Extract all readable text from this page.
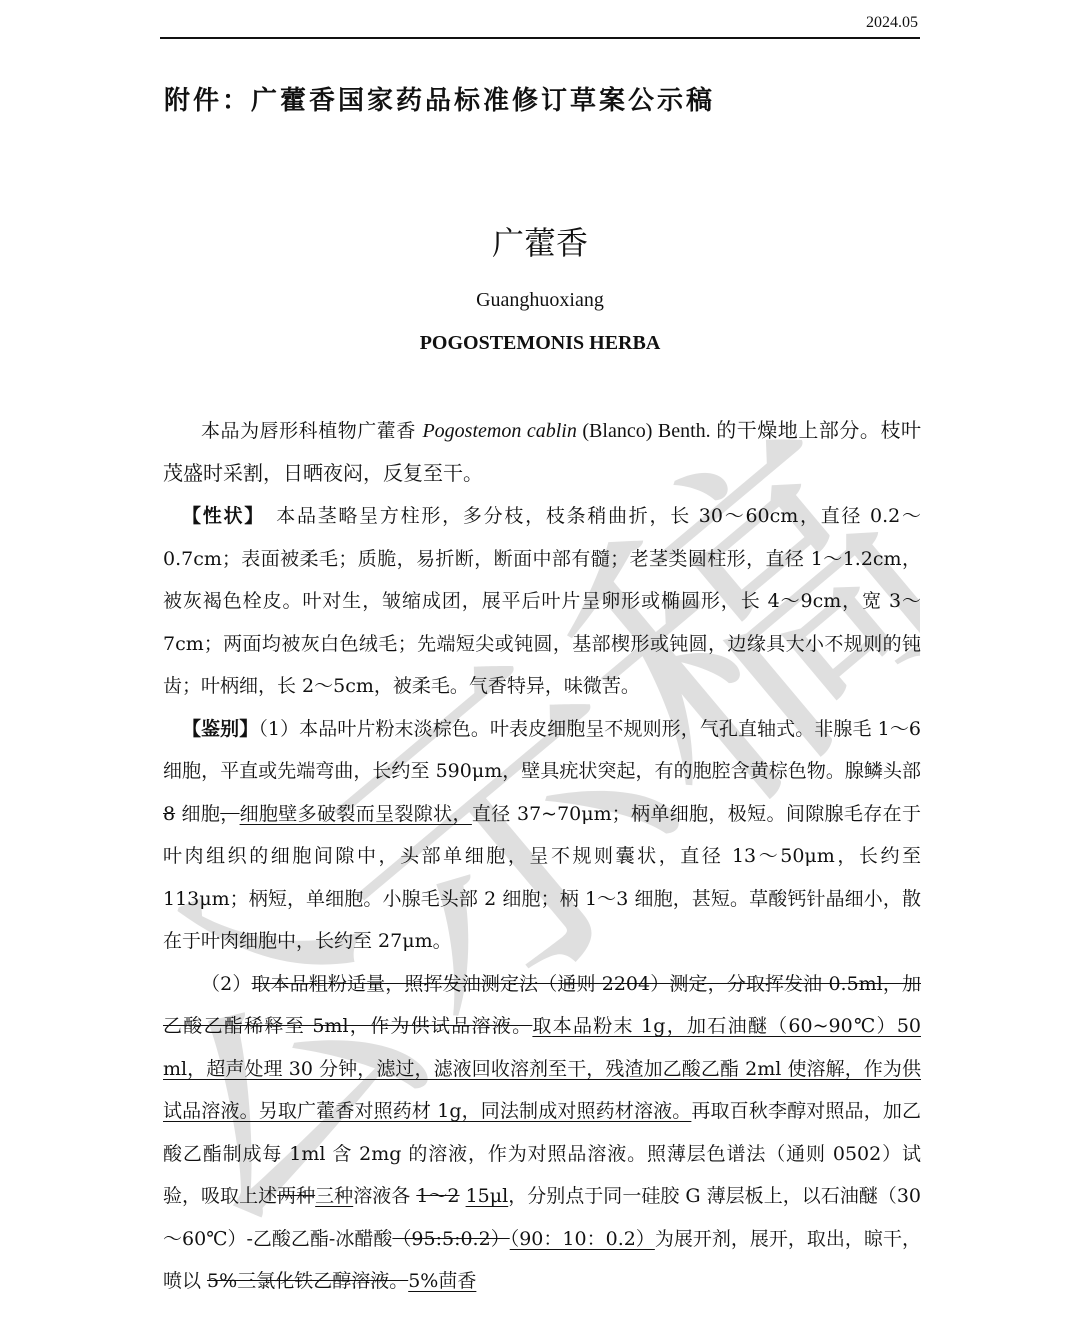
公示稿
2024.05
附件：广藿香国家药品标准修订草案公示稿
广藿香
Guanghuoxiang
POGOSTEMONIS HERBA

本品为唇形科植物广藿香 Pogostemon cablin (Blanco) Benth. 的干燥地上部分。枝叶茂盛时采割，日晒夜闷，反复至干。

【性状】　本品茎略呈方柱形，多分枝，枝条稍曲折，长 30～60cm，直径 0.2～0.7cm；表面被柔毛；质脆，易折断，断面中部有髓；老茎类圆柱形，直径 1～1.2cm，被灰褐色栓皮。叶对生，皱缩成团，展平后叶片呈卵形或椭圆形，长 4～9cm，宽 3～7cm；两面均被灰白色绒毛；先端短尖或钝圆，基部楔形或钝圆，边缘具大小不规则的钝齿；叶柄细，长 2～5cm，被柔毛。气香特异，味微苦。

【鉴别】（1）本品叶片粉末淡棕色。叶表皮细胞呈不规则形，气孔直轴式。非腺毛 1～6 细胞，平直或先端弯曲，长约至 590μm，壁具疣状突起，有的胞腔含黄棕色物。腺鳞头部 8 细胞，细胞壁多破裂而呈裂隙状，直径 37~70μm；柄单细胞，极短。间隙腺毛存在于叶肉组织的细胞间隙中，头部单细胞，呈不规则囊状，直径 13～50μm，长约至 113μm；柄短，单细胞。小腺毛头部 2 细胞；柄 1～3 细胞，甚短。草酸钙针晶细小，散在于叶肉细胞中，长约至 27μm。

（2）取本品粗粉适量，照挥发油测定法（通则 2204）测定，分取挥发油 0.5ml，加乙酸乙酯稀释至 5ml，作为供试品溶液。取本品粉末 1g，加石油醚（60~90℃）50 ml，超声处理 30 分钟，滤过，滤液回收溶剂至干，残渣加乙酸乙酯 2ml 使溶解，作为供试品溶液。另取广藿香对照药材 1g，同法制成对照药材溶液。再取百秋李醇对照品，加乙酸乙酯制成每 1ml 含 2mg 的溶液，作为对照品溶液。照薄层色谱法（通则 0502）试验，吸取上述两种三种溶液各 1～2 15μl，分别点于同一硅胶 G 薄层板上，以石油醚（30～60℃）-乙酸乙酯-冰醋酸（95:5:0.2）（90：10：0.2）为展开剂，展开，取出，晾干，喷以 5%三氯化铁乙醇溶液。5%茴香
